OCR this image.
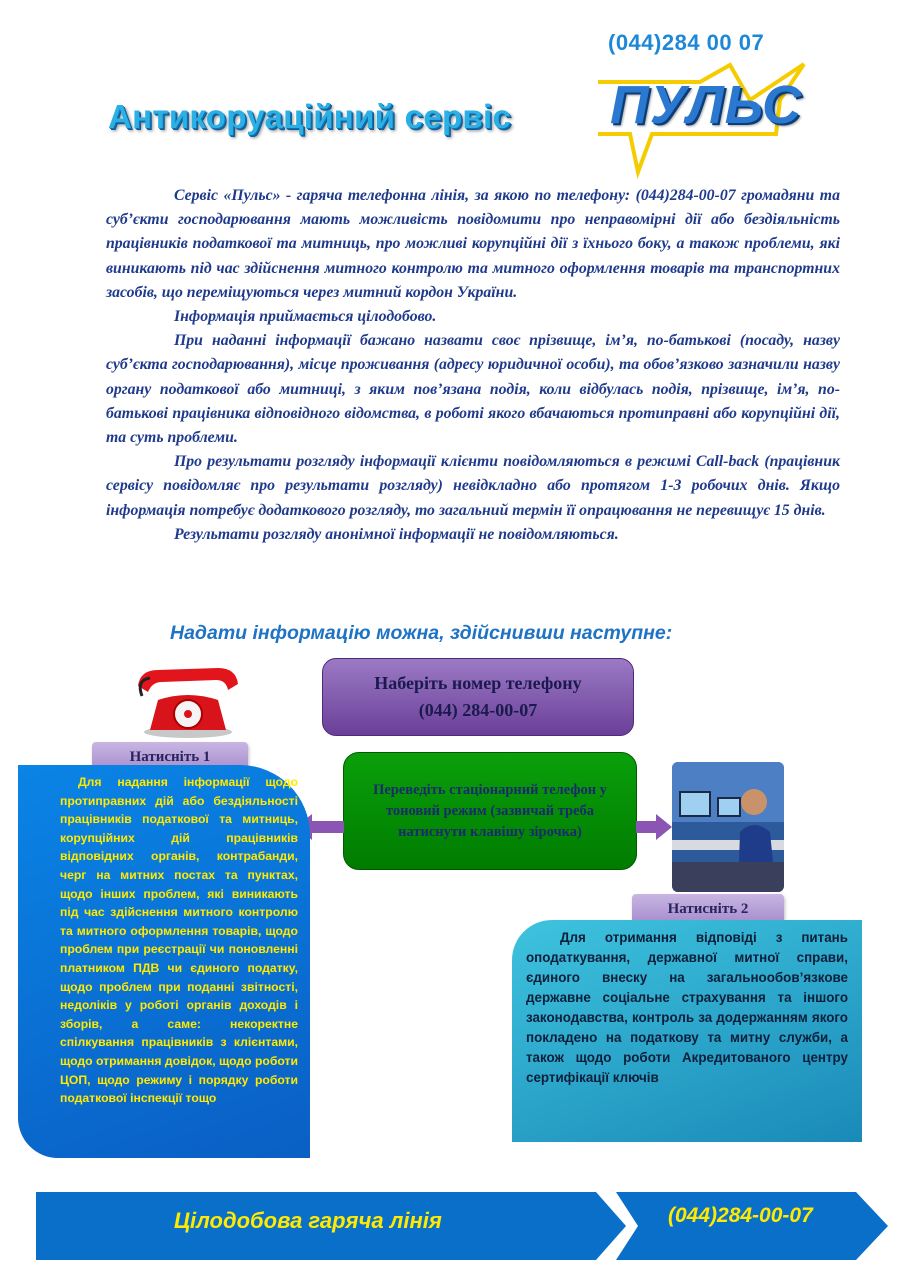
(044)284 00 07
ПУЛЬС
Антикоруаційний сервіс

Сервіс «Пульс» - гаряча телефонна лінія, за якою по телефону: (044)284-00-07 громадяни та суб’єкти господарювання мають можливість повідомити про неправомірні дії або бездіяльність працівників податкової та митниць, про можливі корупційні дії з їхнього боку, а також проблеми, які виникають під час здійснення митного контролю та митного оформлення товарів та транспортних засобів, що переміщуються через митний кордон України.

Інформація приймається цілодобово.

При наданні інформації бажано назвати своє прізвище, ім’я, по-батькові (посаду, назву суб’єкта господарювання), місце проживання (адресу юридичної особи), та обов’язково зазначили назву органу податкової або митниці, з яким пов’язана подія, коли відбулась подія, прізвище, ім’я, по-батькові працівника відповідного відомства, в роботі якого вбачаються протиправні або корупційні дії, та суть проблеми.

Про результати розгляду інформації клієнти повідомляються в режимі Call-back (працівник сервісу повідомляє про результати розгляду) невідкладно або протягом 1-3 робочих днів. Якщо інформація потребує додаткового розгляду, то загальний термін її опрацювання не перевищує 15 днів.

Результати розгляду анонімної інформації не повідомляються.

Надати інформацію можна, здійснивши наступне:
Наберіть номер телефону
(044) 284-00-07
Переведіть стаціонарний телефон у тоновий режим (зазвичай треба натиснути клавішу зірочка)
Натисніть 1
Натисніть 2

Для надання інформації щодо протиправних дій або бездіяльності працівників податкової та митниць, корупційних дій працівників відповідних органів, контрабанди, черг на митних постах та пунктах, щодо інших проблем, які виникають під час здійснення митного контролю та митного оформлення товарів, щодо проблем при реєстрації чи поновленні платником ПДВ чи єдиного податку, щодо проблем при поданні звітності, недоліків у роботі органів доходів і зборів, а саме: некоректне спілкування працівників з клієнтами, щодо отримання довідок, щодо роботи ЦОП, щодо режиму і порядку роботи податкової інспекції тощо

Для отримання відповіді з питань оподаткування, державної митної справи, єдиного внеску на загальнообов’язкове державне соціальне страхування та іншого законодавства, контроль за додержанням якого покладено на податкову та митну служби, а також щодо роботи Акредитованого центру сертифікації ключів

Цілодобова гаряча лінія	(044)284-00-07
